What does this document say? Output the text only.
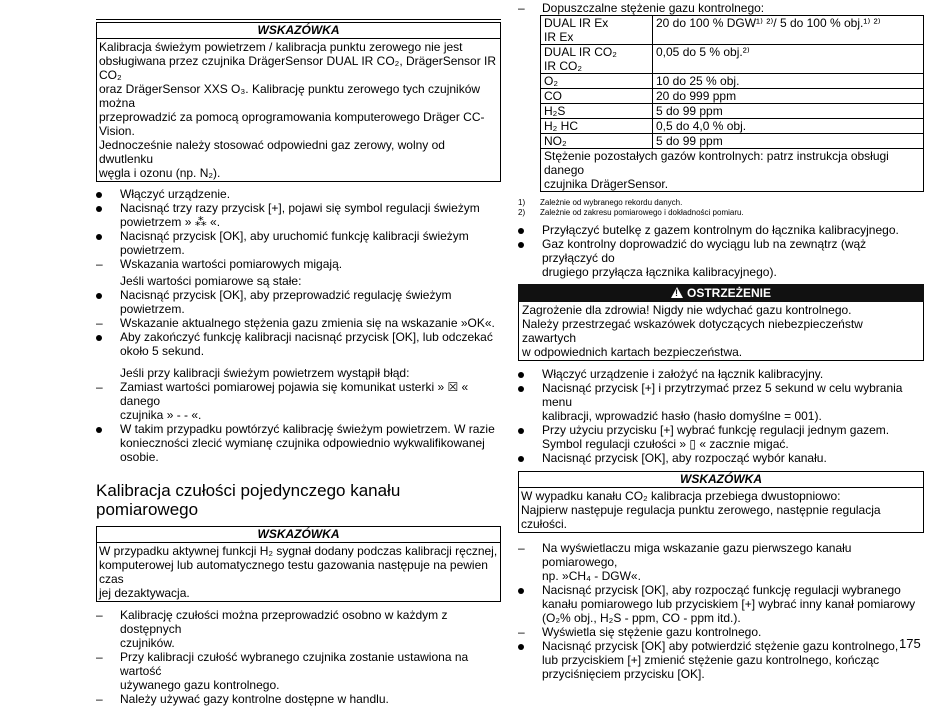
WSKAZÓWKA
Kalibracja świeżym powietrzem / kalibracja punktu zerowego nie jest
obsługiwana przez czujnika DrägerSensor DUAL IR CO₂, DrägerSensor IR CO₂
oraz DrägerSensor XXS O₃. Kalibrację punktu zerowego tych czujników można
przeprowadzić za pomocą oprogramowania komputerowego Dräger CC-Vision.
Jednocześnie należy stosować odpowiedni gaz zerowy, wolny od dwutlenku
węgla i ozonu (np. N₂).
Włączyć urządzenie.
Nacisnąć trzy razy przycisk [+], pojawi się symbol regulacji świeżym
powietrzem » ⁂ «.
Nacisnąć przycisk [OK], aby uruchomić funkcję kalibracji świeżym
powietrzem.
–	Wskazania wartości pomiarowych migają.
Jeśli wartości pomiarowe są stałe:
Nacisnąć przycisk [OK], aby przeprowadzić regulację świeżym powietrzem.
–	Wskazanie aktualnego stężenia gazu zmienia się na wskazanie »OK«.
Aby zakończyć funkcję kalibracji nacisnąć przycisk [OK], lub odczekać
około 5 sekund.
Jeśli przy kalibracji świeżym powietrzem wystąpił błąd:
–	Zamiast wartości pomiarowej pojawia się komunikat usterki » ☒ « danego
czujnika » - - «.
W takim przypadku powtórzyć kalibrację świeżym powietrzem. W razie
konieczności zlecić wymianę czujnika odpowiednio wykwalifikowanej osobie.
Kalibracja czułości pojedynczego kanału
pomiarowego
WSKAZÓWKA
W przypadku aktywnej funkcji H₂ sygnał dodany podczas kalibracji ręcznej,
komputerowej lub automatycznego testu gazowania następuje na pewien czas
jej dezaktywacja.
–	Kalibrację czułości można przeprowadzić osobno w każdym z dostępnych
czujników.
–	Przy kalibracji czułość wybranego czujnika zostanie ustawiona na wartość
używanego gazu kontrolnego.
–	Należy używać gazy kontrolne dostępne w handlu.
–	Dopuszczalne stężenie gazu kontrolnego:
DUAL IR Ex
IR Ex	20 do 100 % DGW¹⁾ ²⁾/ 5 do 100 % obj.¹⁾ ²⁾
DUAL IR CO₂
IR CO₂	0,05 do 5 % obj.²⁾
O₂	10 do 25 % obj.
CO	20 do 999 ppm
H₂S	5 do 99 ppm
H₂ HC	0,5 do 4,0 % obj.
NO₂	5 do 99 ppm
Stężenie pozostałych gazów kontrolnych: patrz instrukcja obsługi danego
czujnika DrägerSensor.	
1) Zależnie od wybranego rekordu danych.
2) Zależnie od zakresu pomiarowego i dokładności pomiaru.
Przyłączyć butelkę z gazem kontrolnym do łącznika kalibracyjnego.
Gaz kontrolny doprowadzić do wyciągu lub na zewnątrz (wąż przyłączyć do
drugiego przyłącza łącznika kalibracyjnego).
!OSTRZEŻENIE
Zagrożenie dla zdrowia! Nigdy nie wdychać gazu kontrolnego.
Należy przestrzegać wskazówek dotyczących niebezpieczeństw zawartych
w odpowiednich kartach bezpieczeństwa.
Włączyć urządzenie i założyć na łącznik kalibracyjny.
Nacisnąć przycisk [+] i przytrzymać przez 5 sekund w celu wybrania menu
kalibracji, wprowadzić hasło (hasło domyślne = 001).
Przy użyciu przycisku [+] wybrać funkcję regulacji jednym gazem.
Symbol regulacji czułości » ▯ « zacznie migać.
Nacisnąć przycisk [OK], aby rozpocząć wybór kanału.
WSKAZÓWKA
W wypadku kanału CO₂ kalibracja przebiega dwustopniowo:
Najpierw następuje regulacja punktu zerowego, następnie regulacja czułości.
–	Na wyświetlaczu miga wskazanie gazu pierwszego kanału pomiarowego,
np. »CH₄ - DGW«.
Nacisnąć przycisk [OK], aby rozpocząć funkcję regulacji wybranego
kanału pomiarowego lub przyciskiem [+] wybrać inny kanał pomiarowy
(O₂% obj., H₂S - ppm, CO - ppm itd.).
–	Wyświetla się stężenie gazu kontrolnego.
Nacisnąć przycisk [OK] aby potwierdzić stężenie gazu kontrolnego,
lub przyciskiem [+] zmienić stężenie gazu kontrolnego, kończąc
przyciśnięciem przycisku [OK].
175
